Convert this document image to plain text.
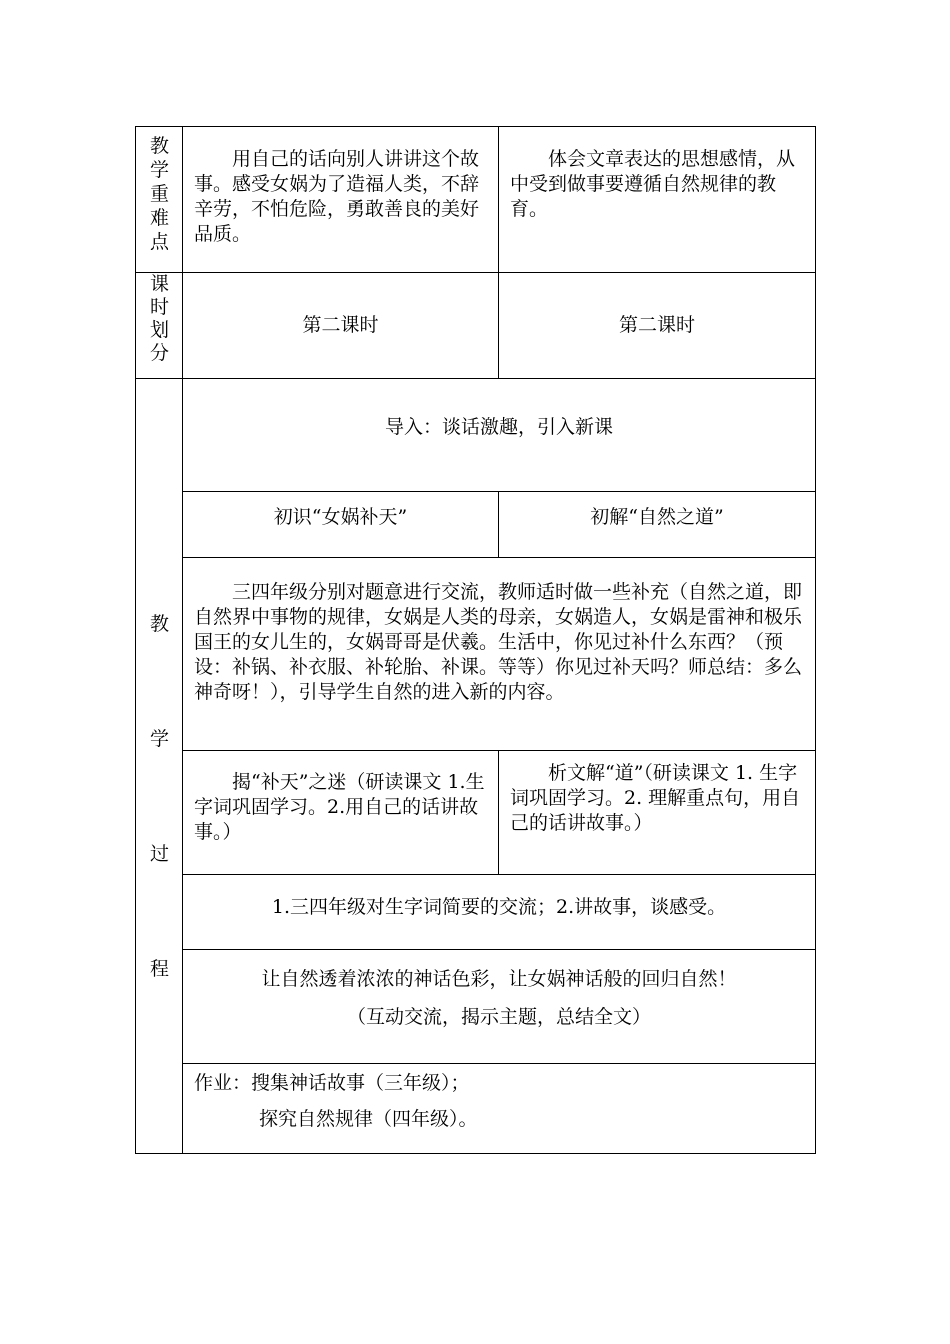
教
学
重
难
点
课
时
划
分
教
学
过
程
用自己的话向别人讲讲这个故事。感受女娲为了造福人类，不辞辛劳，不怕危险，勇敢善良的美好品质。
体会文章表达的思想感情，从中受到做事要遵循自然规律的教育。
第二课时	第二课时
导入：谈话激趣，引入新课
初识“女娲补天”	初解“自然之道”
三四年级分别对题意进行交流，教师适时做一些补充（自然之道，即自然界中事物的规律，女娲是人类的母亲，女娲造人，女娲是雷神和极乐国王的女儿生的，女娲哥哥是伏羲。生活中，你见过补什么东西？（预设：补锅、补衣服、补轮胎、补课。等等）你见过补天吗？师总结：多么神奇呀！），引导学生自然的进入新的内容。
揭“补天”之迷（研读课文 1.生字词巩固学习。2.用自己的话讲故事。）
析文解“道”（研读课文 1. 生字词巩固学习。2. 理解重点句，用自己的话讲故事。）
1.三四年级对生字词简要的交流；2.讲故事，谈感受。
让自然透着浓浓的神话色彩，让女娲神话般的回归自然！
（互动交流，揭示主题，总结全文）
作业：搜集神话故事（三年级）；
探究自然规律（四年级）。
